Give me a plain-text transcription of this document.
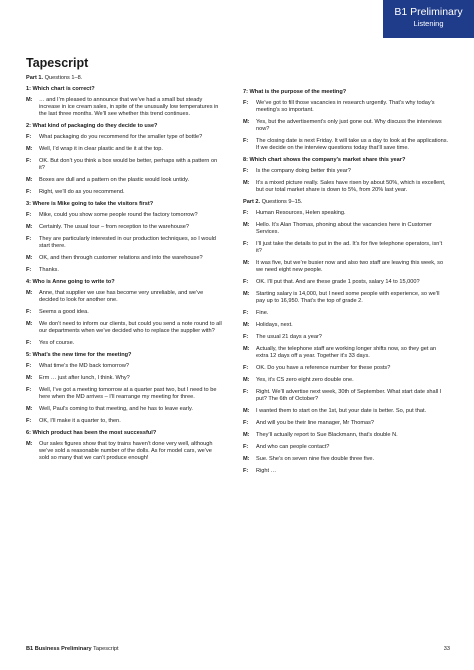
B1 Preliminary
Listening
Tapescript
Part 1. Questions 1–8.
1: Which chart is correct?
M:	… and I’m pleased to announce that we’ve had a small but steady increase in ice cream sales, in spite of the unusually low temperatures in the last three months. We’ll see whether this trend continues.
2: What kind of packaging do they decide to use?
F:	What packaging do you recommend for the smaller type of bottle?
M:	Well, I’d wrap it in clear plastic and tie it at the top.
F:	OK. But don’t you think a box would be better, perhaps with a pattern on it?
M:	Boxes are dull and a pattern on the plastic would look untidy.
F:	Right, we’ll do as you recommend.
3: Where is Mike going to take the visitors first?
F:	Mike, could you show some people round the factory tomorrow?
M:	Certainly. The usual tour – from reception to the warehouse?
F:	They are particularly interested in our production techniques, so I would start there.
M:	OK, and then through customer relations and into the warehouse?
F:	Thanks.
4: Who is Anne going to write to?
M:	Anne, that supplier we use has become very unreliable, and we’ve decided to look for another one.
F:	Seems a good idea.
M:	We don’t need to inform our clients, but could you send a note round to all our departments when we’ve decided who to replace the supplier with?
F:	Yes of course.
5: What’s the new time for the meeting?
F:	What time’s the MD back tomorrow?
M:	Erm … just after lunch, I think. Why?
F:	Well, I’ve got a meeting tomorrow at a quarter past two, but I need to be here when the MD arrives – I’ll rearrange my meeting for three.
M:	Well, Paul’s coming to that meeting, and he has to leave early.
F:	OK, I’ll make it a quarter to, then.
6: Which product has been the most successful?
M:	Our sales figures show that toy trains haven’t done very well, although we’ve sold a reasonable number of the dolls. As for model cars, we’ve sold so many that we can’t produce enough!
7: What is the purpose of the meeting?
F:	We’ve got to fill those vacancies in research urgently. That’s why today’s meeting’s so important.
M:	Yes, but the advertisement’s only just gone out. Why discuss the interviews now?
F:	The closing date is next Friday. It will take us a day to look at the applications. If we decide on the interview questions today that’ll save time.
8: Which chart shows the company’s market share this year?
F:	Is the company doing better this year?
M:	It’s a mixed picture really. Sales have risen by about 50%, which is excellent, but our total market share is down to 5%, from 20% last year.
Part 2. Questions 9–15.
F:	Human Resources, Helen speaking.
M:	Hello. It’s Alan Thomas, phoning about the vacancies here in Customer Services.
F:	I’ll just take the details to put in the ad. It’s for five telephone operators, isn’t it?
M:	It was five, but we’re busier now and also two staff are leaving this week, so we need eight new people.
F:	OK. I’ll put that. And are these grade 1 posts, salary 14 to 15,000?
M:	Starting salary is 14,000, but I need some people with experience, so we’ll pay up to 16,950. That’s the top of grade 2.
F:	Fine.
M:	Holidays, next.
F:	The usual 21 days a year?
M:	Actually, the telephone staff are working longer shifts now, so they get an extra 12 days off a year. Together it’s 33 days.
F:	OK. Do you have a reference number for these posts?
M:	Yes, it’s CS zero eight zero double one.
F:	Right. We’ll advertise next week, 30th of September. What start date shall I put? The 6th of October?
M:	I wanted them to start on the 1st, but your date is better. So, put that.
F:	And will you be their line manager, Mr Thomas?
M:	They’ll actually report to Sue Blackmann, that’s double N.
F:	And who can people contact?
M:	Sue. She’s on seven nine five double three five.
F:	Right …
B1 Business Preliminary Tapescript	33
